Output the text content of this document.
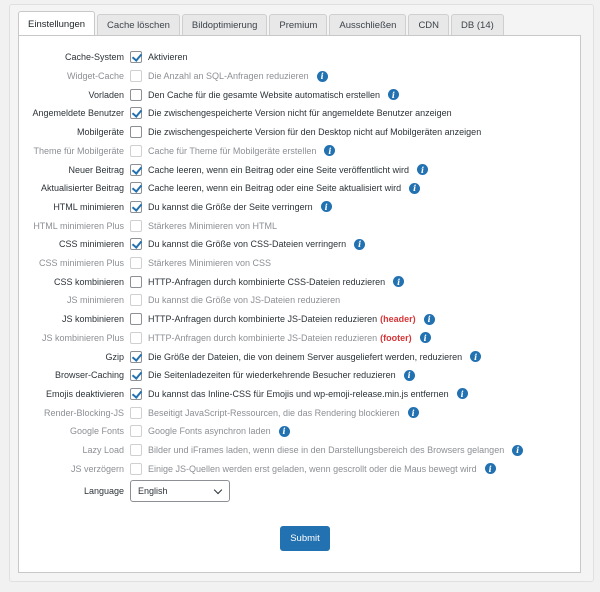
Einstellungen	Cache löschen	Bildoptimierung	Premium	Ausschließen	CDN	DB (14)
Language	English
Submit
Cache-System	Aktivieren
Widget-Cache	Die Anzahl an SQL-Anfragen reduzieren	i
Vorladen	Den Cache für die gesamte Website automatisch erstellen	i
Angemeldete Benutzer	Die zwischengespeicherte Version nicht für angemeldete Benutzer anzeigen
Mobilgeräte	Die zwischengespeicherte Version für den Desktop nicht auf Mobilgeräten anzeigen
Theme für Mobilgeräte	Cache für Theme für Mobilgeräte erstellen	i
Neuer Beitrag	Cache leeren, wenn ein Beitrag oder eine Seite veröffentlicht wird	i
Aktualisierter Beitrag	Cache leeren, wenn ein Beitrag oder eine Seite aktualisiert wird	i
HTML minimieren	Du kannst die Größe der Seite verringern	i
HTML minimieren Plus	Stärkeres Minimieren von HTML
CSS minimieren	Du kannst die Größe von CSS-Dateien verringern	i
CSS minimieren Plus	Stärkeres Minimieren von CSS
CSS kombinieren	HTTP-Anfragen durch kombinierte CSS-Dateien reduzieren	i
JS minimieren	Du kannst die Größe von JS-Dateien reduzieren
JS kombinieren	HTTP-Anfragen durch kombinierte JS-Dateien reduzieren (header)	i
JS kombinieren Plus	HTTP-Anfragen durch kombinierte JS-Dateien reduzieren (footer)	i
Gzip	Die Größe der Dateien, die von deinem Server ausgeliefert werden, reduzieren	i
Browser-Caching	Die Seitenladezeiten für wiederkehrende Besucher reduzieren	i
Emojis deaktivieren	Du kannst das Inline-CSS für Emojis und wp-emoji-release.min.js entfernen	i
Render-Blocking-JS	Beseitigt JavaScript-Ressourcen, die das Rendering blockieren	i
Google Fonts	Google Fonts asynchron laden	i
Lazy Load	Bilder und iFrames laden, wenn diese in den Darstellungsbereich des Browsers gelangen	i
JS verzögern	Einige JS-Quellen werden erst geladen, wenn gescrollt oder die Maus bewegt wird	i
